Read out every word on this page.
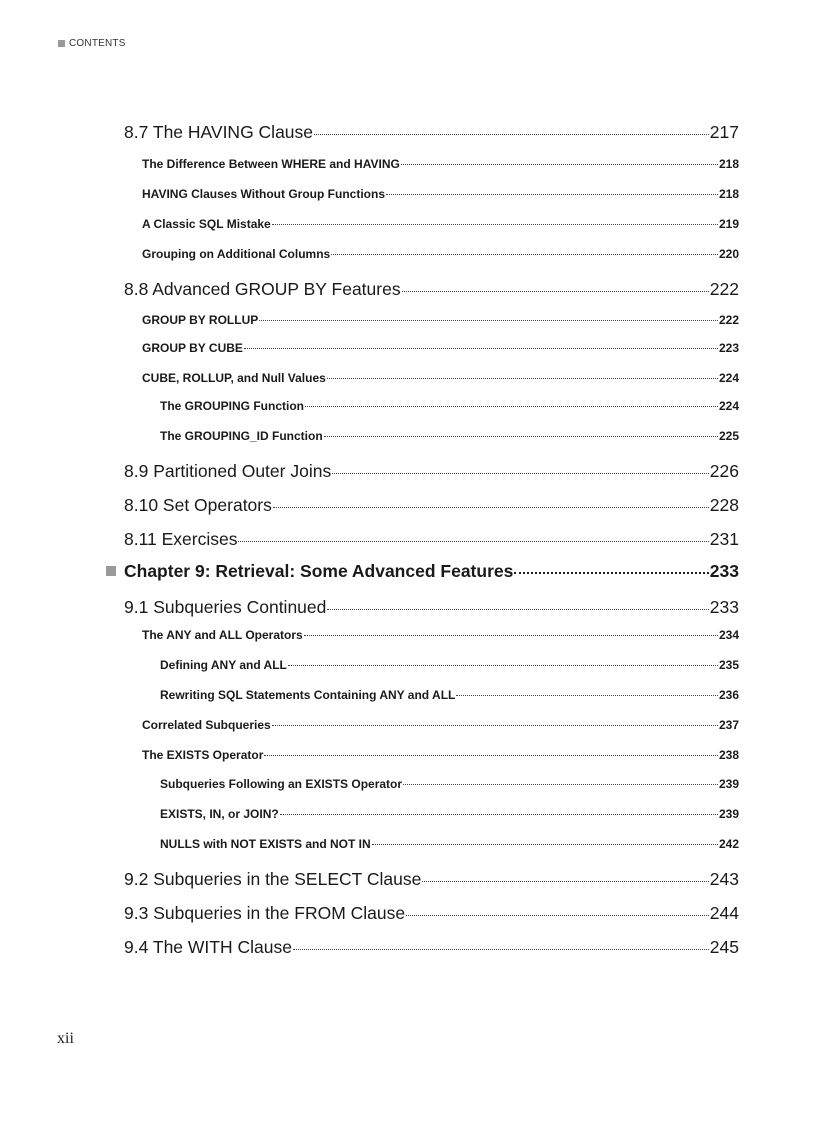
CONTENTS
8.7 The HAVING Clause	217
The Difference Between WHERE and HAVING	218
HAVING Clauses Without Group Functions	218
A Classic SQL Mistake	219
Grouping on Additional Columns	220
8.8 Advanced GROUP BY Features	222
GROUP BY ROLLUP	222
GROUP BY CUBE	223
CUBE, ROLLUP, and Null Values	224
The GROUPING Function	224
The GROUPING_ID Function	225
8.9 Partitioned Outer Joins	226
8.10 Set Operators	228
8.11 Exercises	231
Chapter 9: Retrieval: Some Advanced Features	233
9.1 Subqueries Continued	233
The ANY and ALL Operators	234
Defining ANY and ALL	235
Rewriting SQL Statements Containing ANY and ALL	236
Correlated Subqueries	237
The EXISTS Operator	238
Subqueries Following an EXISTS Operator	239
EXISTS, IN, or JOIN?	239
NULLS with NOT EXISTS and NOT IN	242
9.2 Subqueries in the SELECT Clause	243
9.3 Subqueries in the FROM Clause	244
9.4 The WITH Clause	245
xii
